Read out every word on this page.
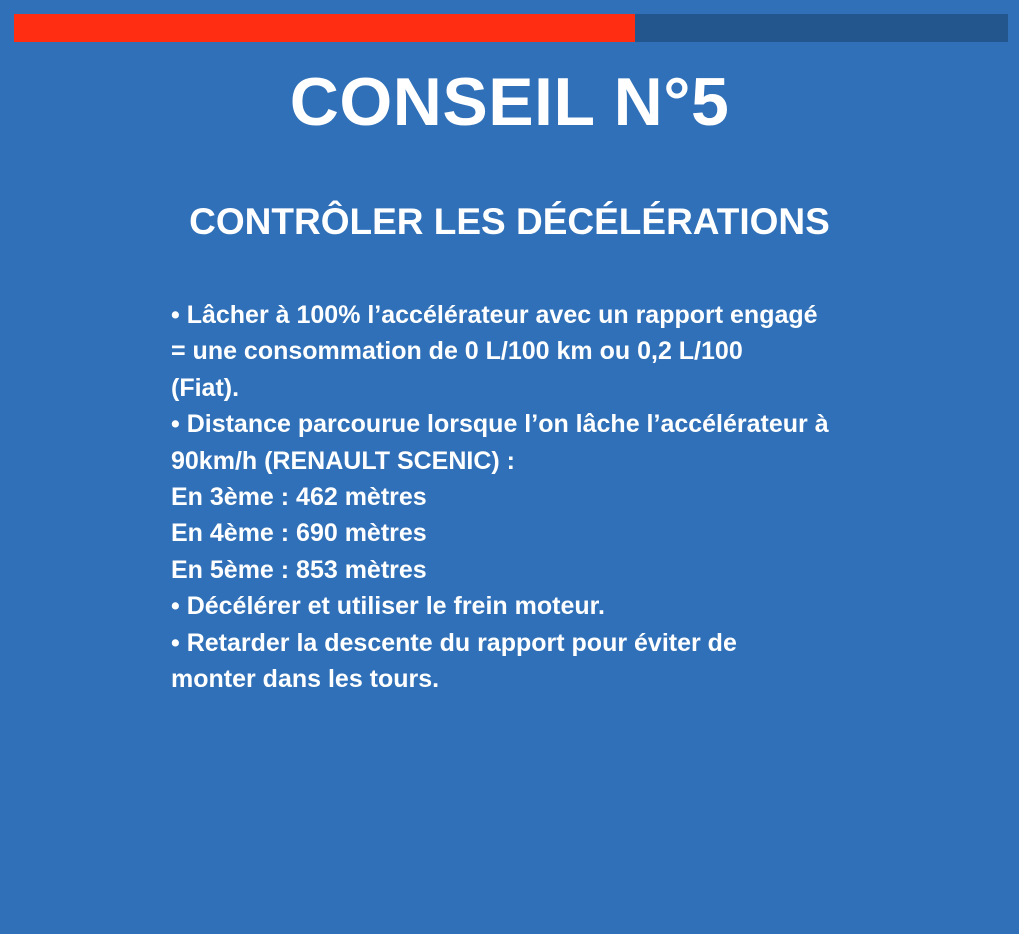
CONSEIL N°5
CONTRÔLER LES DÉCÉLÉRATIONS
• Lâcher à 100% l’accélérateur avec un rapport engagé
= une consommation de 0 L/100 km ou 0,2 L/100
(Fiat).
• Distance parcourue lorsque l’on lâche l’accélérateur à
90km/h (RENAULT SCENIC) :
En 3ème : 462 mètres
En 4ème : 690 mètres
En 5ème : 853 mètres
• Décélérer et utiliser le frein moteur.
• Retarder la descente du rapport pour éviter de
monter dans les tours.
